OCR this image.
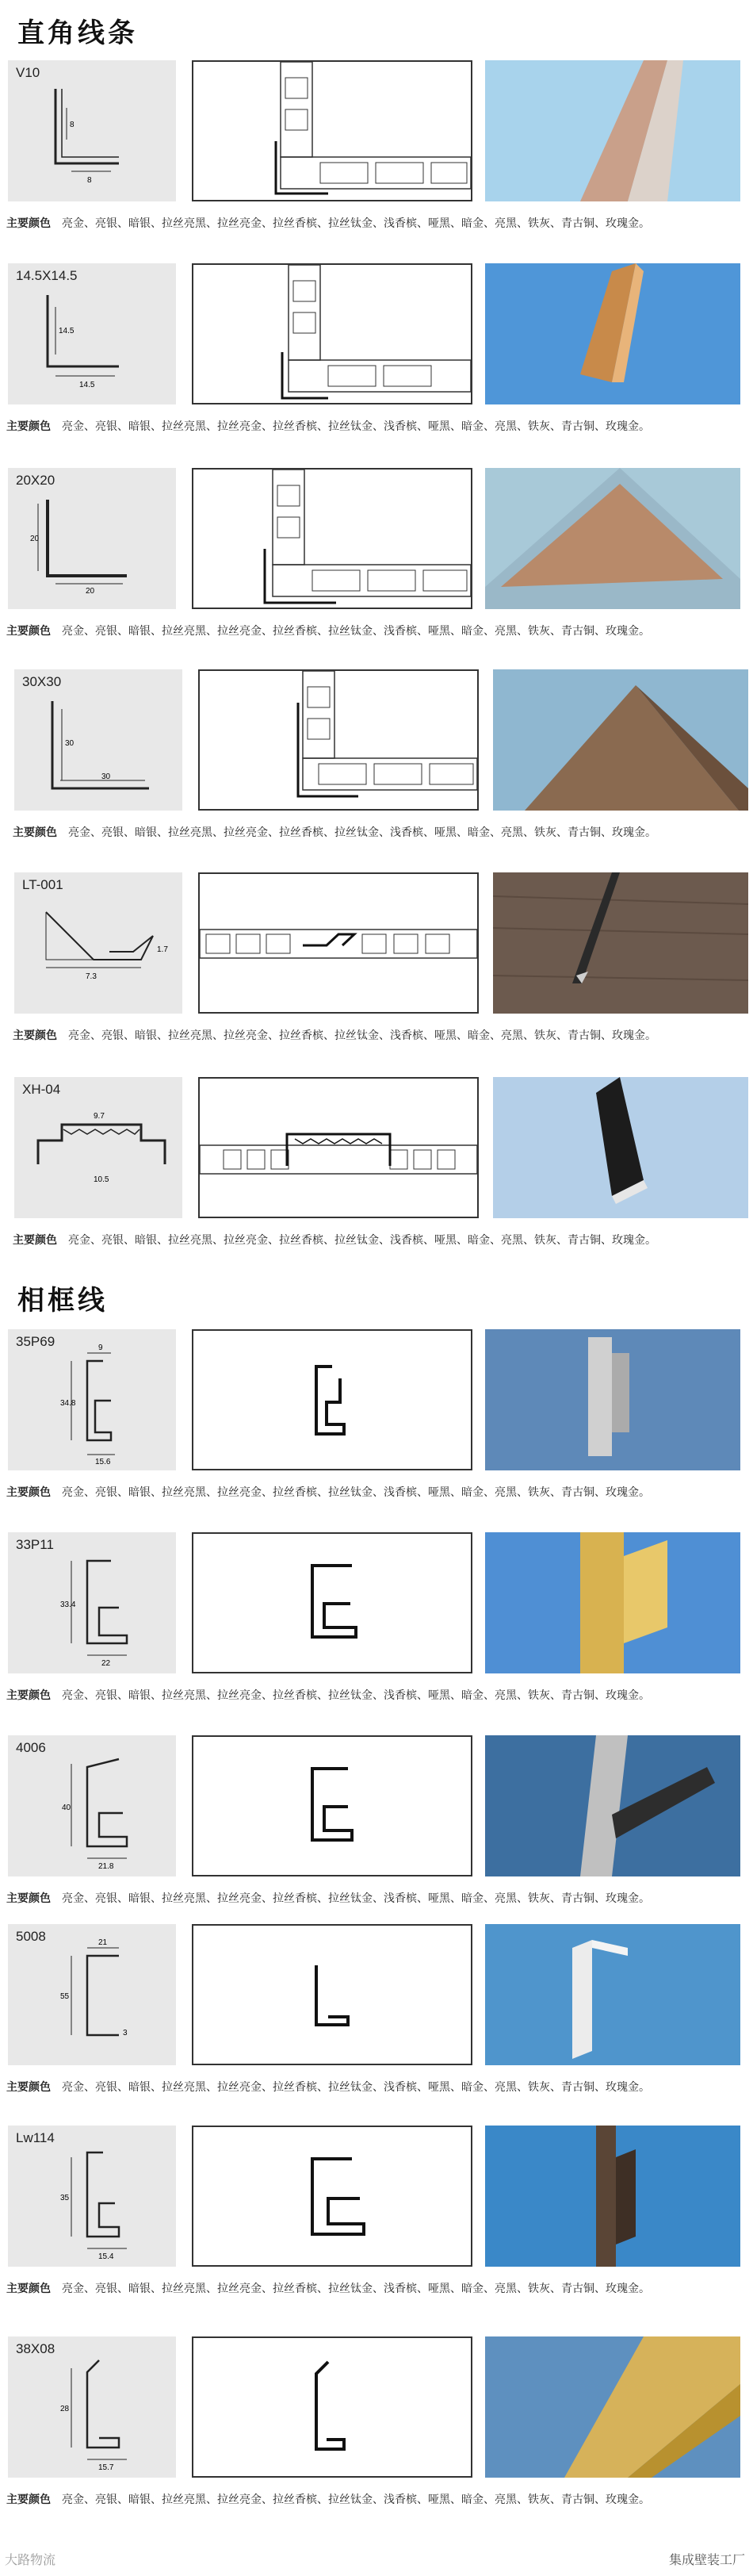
直角线条
相框线
V10
8
8
主要颜色 亮金、亮银、暗银、拉丝亮黑、拉丝亮金、拉丝香槟、拉丝钛金、浅香槟、哑黑、暗金、亮黑、铁灰、青古铜、玫瑰金。
14.5X14.5
14.5
14.5
主要颜色 亮金、亮银、暗银、拉丝亮黑、拉丝亮金、拉丝香槟、拉丝钛金、浅香槟、哑黑、暗金、亮黑、铁灰、青古铜、玫瑰金。
20X20
20
20
主要颜色 亮金、亮银、暗银、拉丝亮黑、拉丝亮金、拉丝香槟、拉丝钛金、浅香槟、哑黑、暗金、亮黑、铁灰、青古铜、玫瑰金。
30X30
30
30
主要颜色 亮金、亮银、暗银、拉丝亮黑、拉丝亮金、拉丝香槟、拉丝钛金、浅香槟、哑黑、暗金、亮黑、铁灰、青古铜、玫瑰金。
LT-001
7.3
1.7
主要颜色 亮金、亮银、暗银、拉丝亮黑、拉丝亮金、拉丝香槟、拉丝钛金、浅香槟、哑黑、暗金、亮黑、铁灰、青古铜、玫瑰金。
XH-04
9.7
10.5
主要颜色 亮金、亮银、暗银、拉丝亮黑、拉丝亮金、拉丝香槟、拉丝钛金、浅香槟、哑黑、暗金、亮黑、铁灰、青古铜、玫瑰金。
35P69	9
34.8
15.6
主要颜色 亮金、亮银、暗银、拉丝亮黑、拉丝亮金、拉丝香槟、拉丝钛金、浅香槟、哑黑、暗金、亮黑、铁灰、青古铜、玫瑰金。
33P11
33.4
22
主要颜色 亮金、亮银、暗银、拉丝亮黑、拉丝亮金、拉丝香槟、拉丝钛金、浅香槟、哑黑、暗金、亮黑、铁灰、青古铜、玫瑰金。
4006
40
21.8
主要颜色 亮金、亮银、暗银、拉丝亮黑、拉丝亮金、拉丝香槟、拉丝钛金、浅香槟、哑黑、暗金、亮黑、铁灰、青古铜、玫瑰金。
5008	21
55
3
主要颜色 亮金、亮银、暗银、拉丝亮黑、拉丝亮金、拉丝香槟、拉丝钛金、浅香槟、哑黑、暗金、亮黑、铁灰、青古铜、玫瑰金。
Lw114
35
15.4
主要颜色 亮金、亮银、暗银、拉丝亮黑、拉丝亮金、拉丝香槟、拉丝钛金、浅香槟、哑黑、暗金、亮黑、铁灰、青古铜、玫瑰金。
38X08
28
15.7
主要颜色 亮金、亮银、暗银、拉丝亮黑、拉丝亮金、拉丝香槟、拉丝钛金、浅香槟、哑黑、暗金、亮黑、铁灰、青古铜、玫瑰金。
大路物流	集成壁装工厂
